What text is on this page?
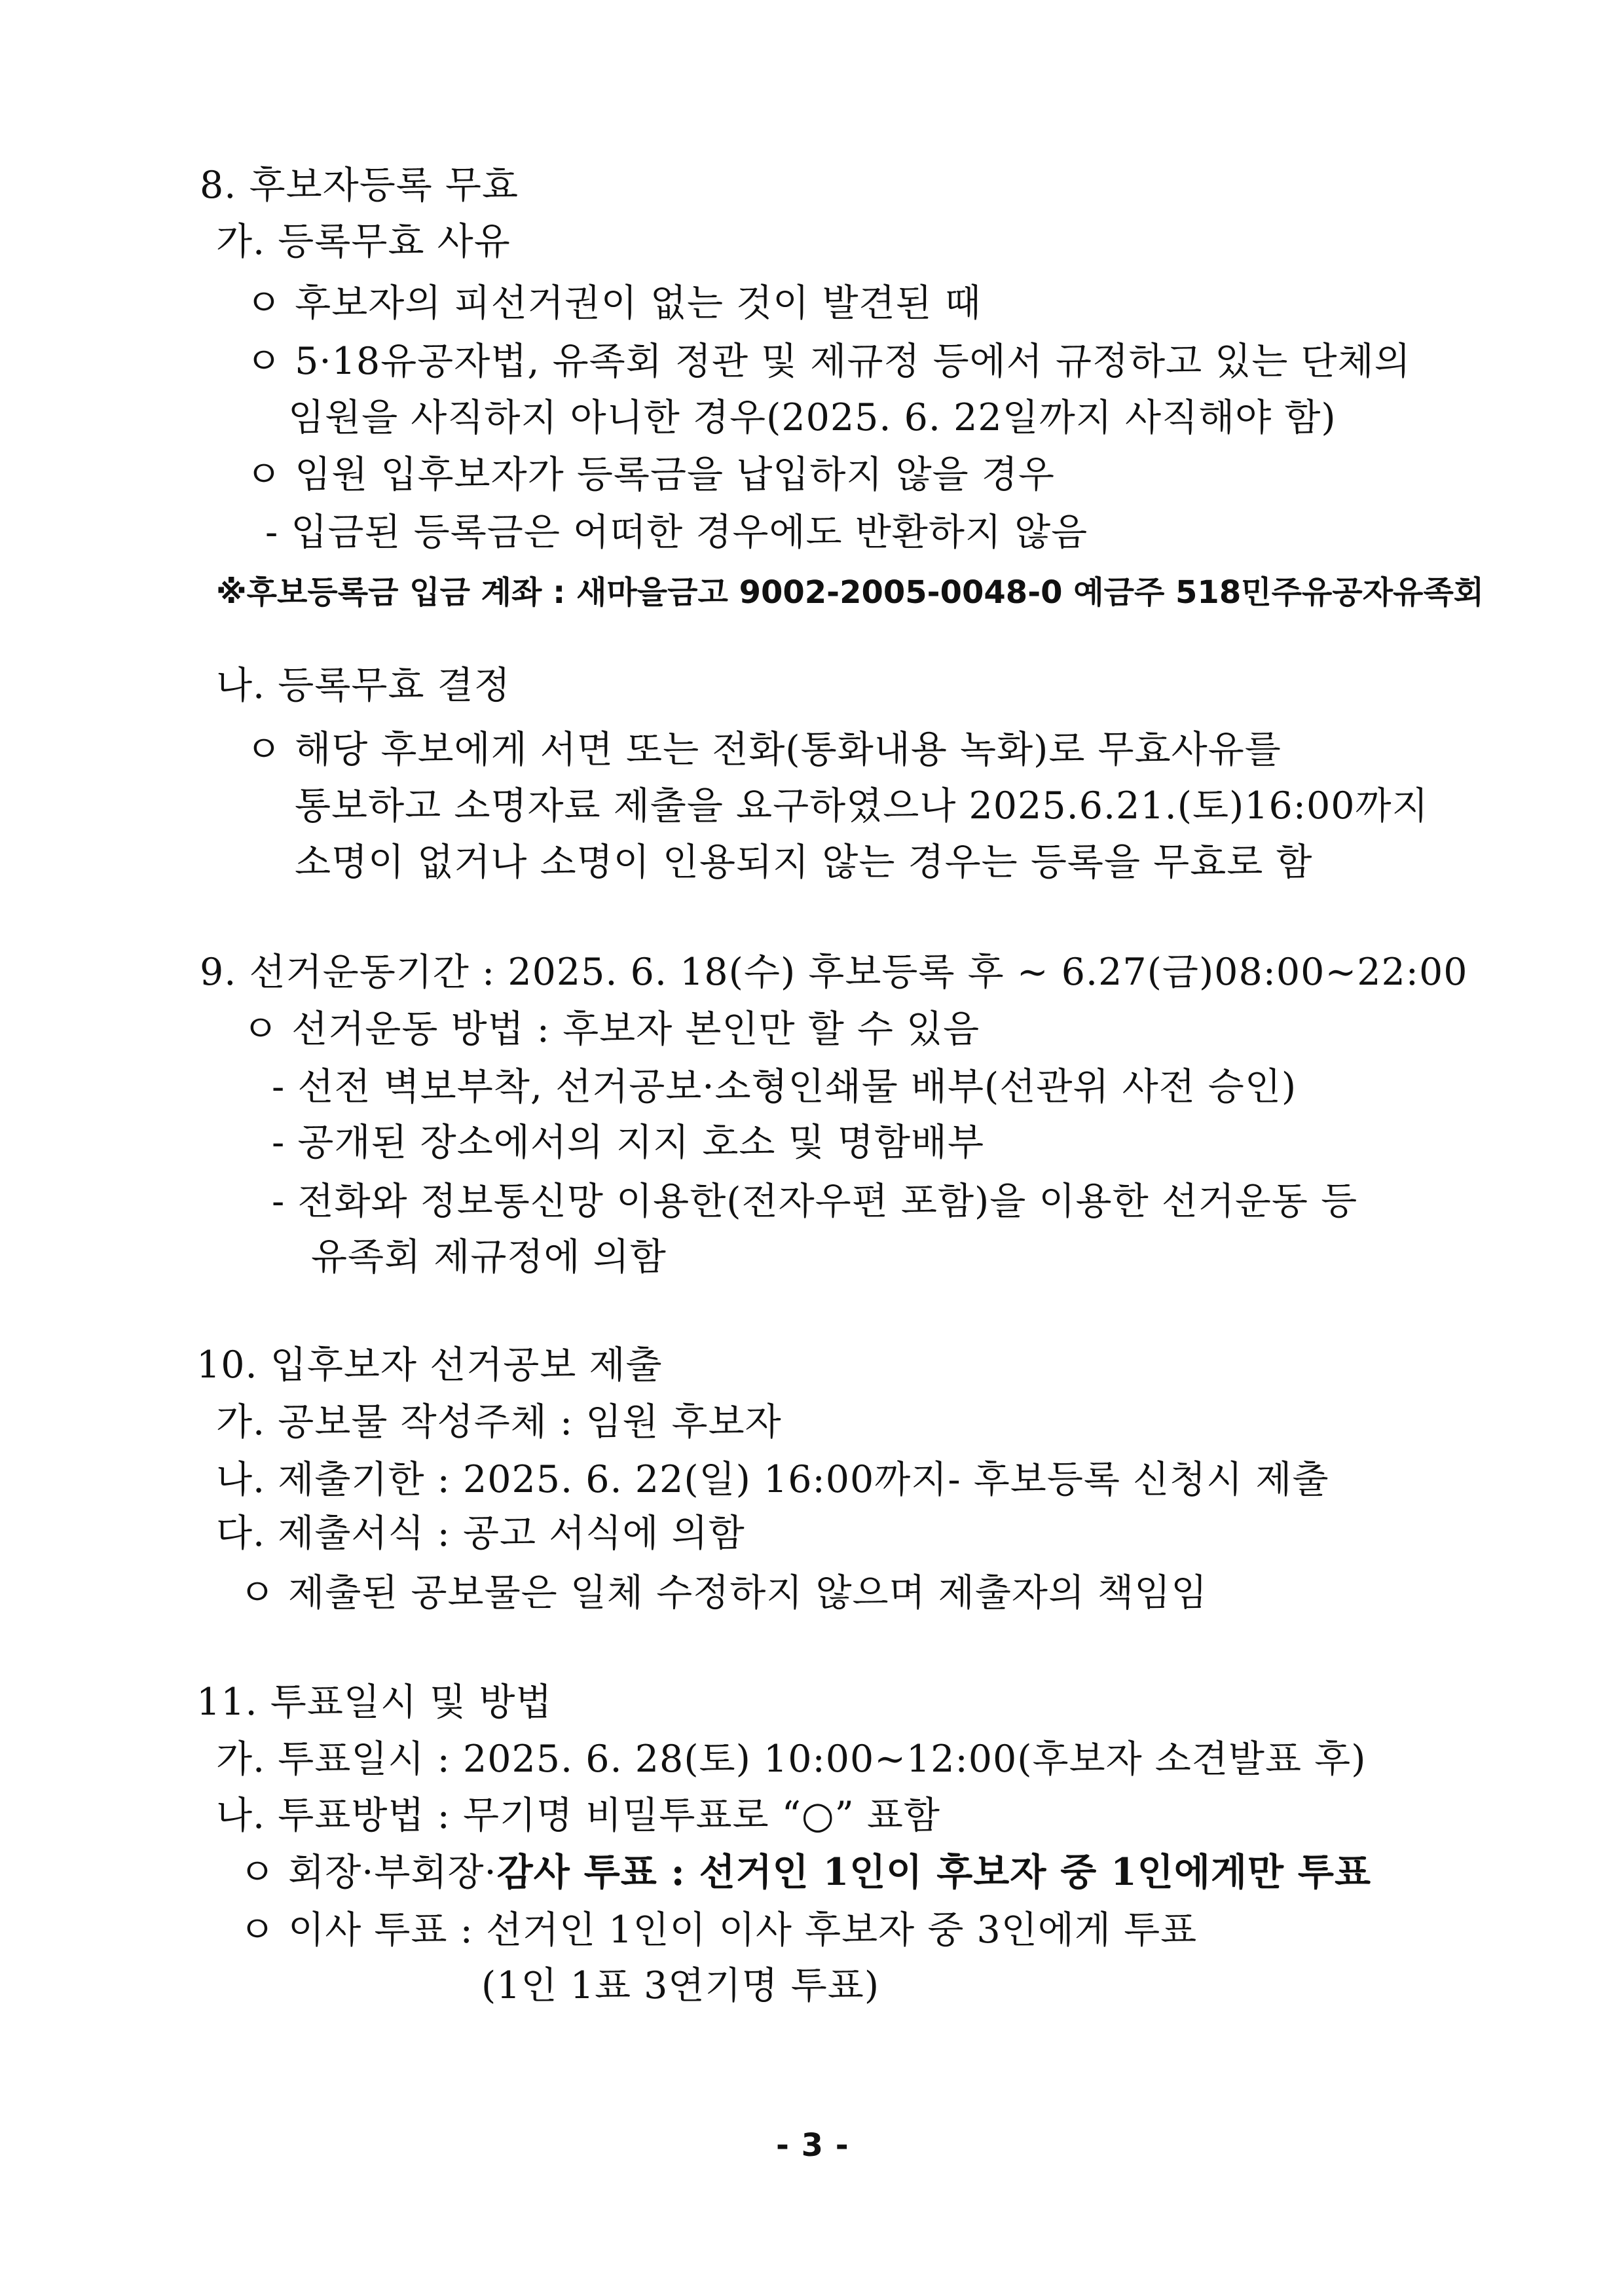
8. 후보자등록 무효
가. 등록무효 사유
ㅇ 후보자의 피선거권이 없는 것이 발견된 때
ㅇ 5·18유공자법, 유족회 정관 및 제규정 등에서 규정하고 있는 단체의
임원을 사직하지 아니한 경우(2025. 6. 22일까지 사직해야 함)
ㅇ 임원 입후보자가 등록금을 납입하지 않을 경우
- 입금된 등록금은 어떠한 경우에도 반환하지 않음
※후보등록금 입금 계좌 : 새마을금고 9002-2005-0048-0 예금주 518민주유공자유족회
나. 등록무효 결정
ㅇ 해당 후보에게 서면 또는 전화(통화내용 녹화)로 무효사유를
통보하고 소명자료 제출을 요구하였으나 2025.6.21.(토)16:00까지
소명이 없거나 소명이 인용되지 않는 경우는 등록을 무효로 함
9. 선거운동기간 : 2025. 6. 18(수) 후보등록 후 ~ 6.27(금)08:00~22:00
ㅇ 선거운동 방법 : 후보자 본인만 할 수 있음
- 선전 벽보부착, 선거공보·소형인쇄물 배부(선관위 사전 승인)
- 공개된 장소에서의 지지 호소 및 명함배부
- 전화와 정보통신망 이용한(전자우편 포함)을 이용한 선거운동 등
유족회 제규정에 의함
10. 입후보자 선거공보 제출
가. 공보물 작성주체 : 임원 후보자
나. 제출기한 : 2025. 6. 22(일) 16:00까지- 후보등록 신청시 제출
다. 제출서식 : 공고 서식에 의함
ㅇ 제출된 공보물은 일체 수정하지 않으며 제출자의 책임임
11. 투표일시 및 방법
가. 투표일시 : 2025. 6. 28(토) 10:00~12:00(후보자 소견발표 후)
나. 투표방법 : 무기명 비밀투표로 “○” 표함
ㅇ 회장·부회장·감사 투표 : 선거인 1인이 후보자 중 1인에게만 투표
ㅇ 이사 투표 : 선거인 1인이 이사 후보자 중 3인에게 투표
(1인 1표 3연기명 투표)
- 3 -
